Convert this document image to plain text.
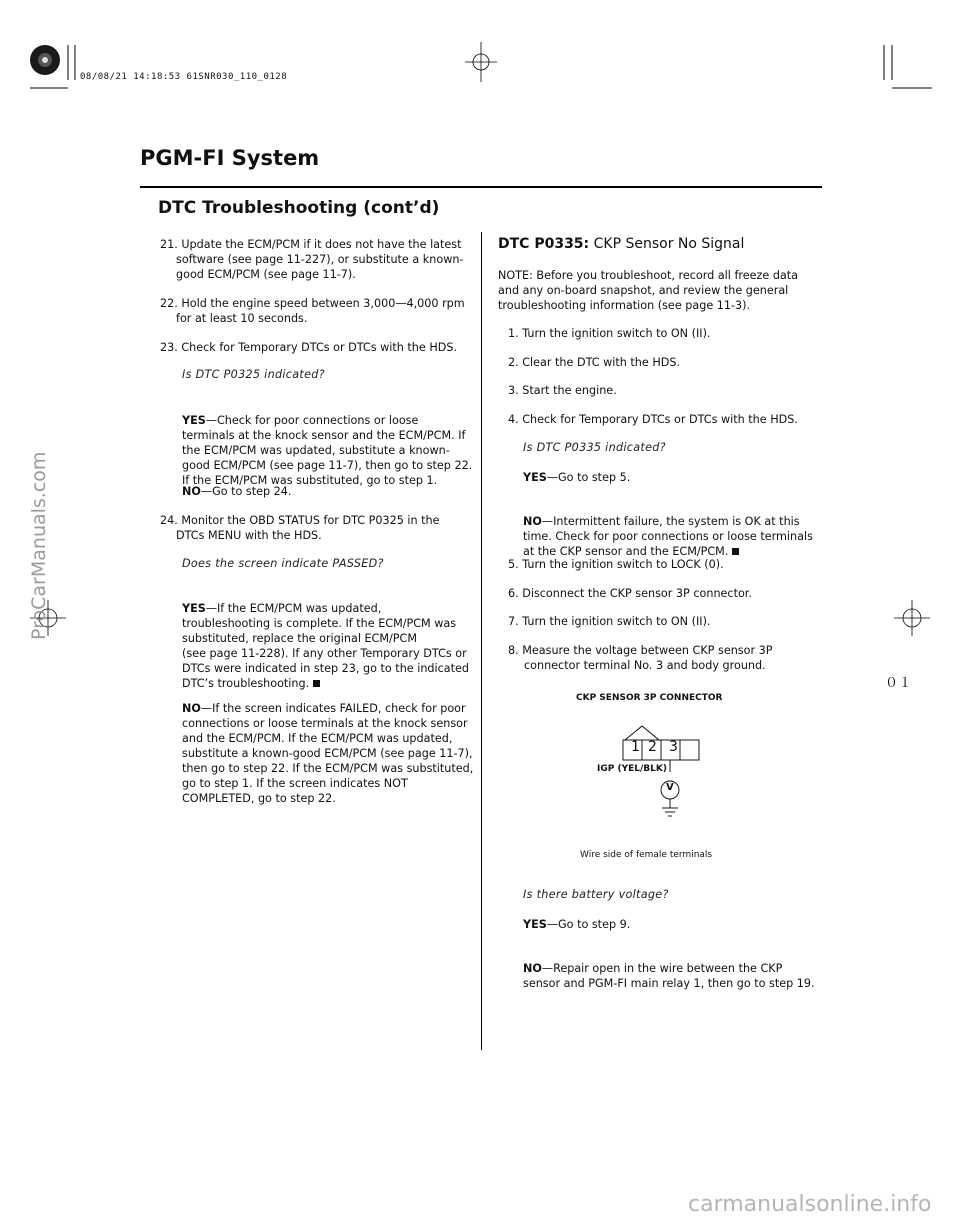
08/08/21 14:18:53 61SNR030_110_0128
０１
PGM-FI System
DTC Troubleshooting (cont’d)
21. Update the ECM/PCM if it does not have the latest
software (see page 11-227), or substitute a known-
good ECM/PCM (see page 11-7).
22. Hold the engine speed between 3,000—4,000 rpm
for at least 10 seconds.
23. Check for Temporary DTCs or DTCs with the HDS.
Is DTC P0325 indicated?

YES—Check for poor connections or loose
terminals at the knock sensor and the ECM/PCM. If
the ECM/PCM was updated, substitute a known-
good ECM/PCM (see page 11-7), then go to step 22.
If the ECM/PCM was substituted, go to step 1.
NO—Go to step 24.
24. Monitor the OBD STATUS for DTC P0325 in the
DTCs MENU with the HDS.
Does the screen indicate PASSED?

YES—If the ECM/PCM was updated,
troubleshooting is complete. If the ECM/PCM was
substituted, replace the original ECM/PCM
(see page 11-228). If any other Temporary DTCs or
DTCs were indicated in step 23, go to the indicated
DTC’s troubleshooting.

NO—If the screen indicates FAILED, check for poor
connections or loose terminals at the knock sensor
and the ECM/PCM. If the ECM/PCM was updated,
substitute a known-good ECM/PCM (see page 11-7),
then go to step 22. If the ECM/PCM was substituted,
go to step 1. If the screen indicates NOT
COMPLETED, go to step 22.
DTC P0335: CKP Sensor No Signal
NOTE: Before you troubleshoot, record all freeze data
and any on-board snapshot, and review the general
troubleshooting information (see page 11-3).
1. Turn the ignition switch to ON (II).
2. Clear the DTC with the HDS.
3. Start the engine.
4. Check for Temporary DTCs or DTCs with the HDS.
Is DTC P0335 indicated?
YES—Go to step 5.

NO—Intermittent failure, the system is OK at this
time. Check for poor connections or loose terminals
at the CKP sensor and the ECM/PCM.
5. Turn the ignition switch to LOCK (0).
6. Disconnect the CKP sensor 3P connector.
7. Turn the ignition switch to ON (II).
8. Measure the voltage between CKP sensor 3P
connector terminal No. 3 and body ground.
CKP SENSOR 3P CONNECTOR
1 2 3
V
IGP (YEL/BLK)
Wire side of female terminals
Is there battery voltage?
YES—Go to step 9.

NO—Repair open in the wire between the CKP
sensor and PGM-FI main relay 1, then go to step 19.
ProCarManuals.com
carmanualsonline.info
